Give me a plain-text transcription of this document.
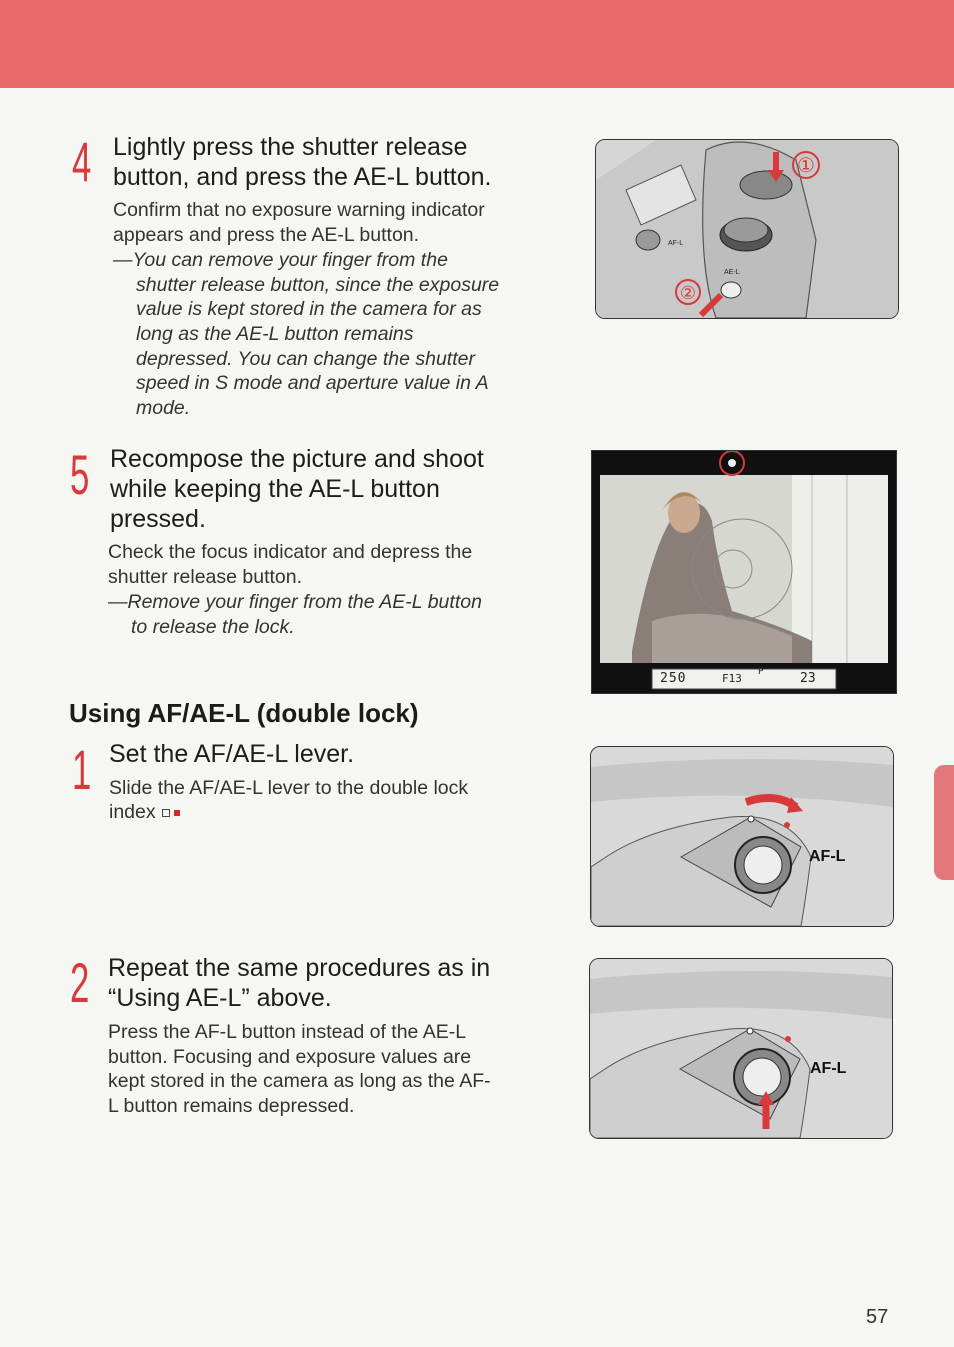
4 Lightly press the shutter release
button, and press the AE-L button.
Confirm that no exposure warning indicator
appears and press the AE-L button.
—You can remove your finger from the
shutter release button, since the exposure
value is kept stored in the camera for as
long as the AE-L button remains
depressed. You can change the shutter
speed in S mode and aperture value in A
mode.
①
②
AF-L
AE-L
5 Recompose the picture and shoot
while keeping the AE-L button
pressed.
Check the focus indicator and depress the
shutter release button.
—Remove your finger from the AE-L button
to release the lock.
250	F13 P	23
Using AF/AE-L (double lock)
1 Set the AF/AE-L lever.
Slide the AF/AE-L lever to the double lock
index
AF-L
2 Repeat the same procedures as in
“Using AE-L” above.
Press the AF-L button instead of the AE-L
button. Focusing and exposure values are
kept stored in the camera as long as the AF-
L button remains depressed.
AF-L
57
